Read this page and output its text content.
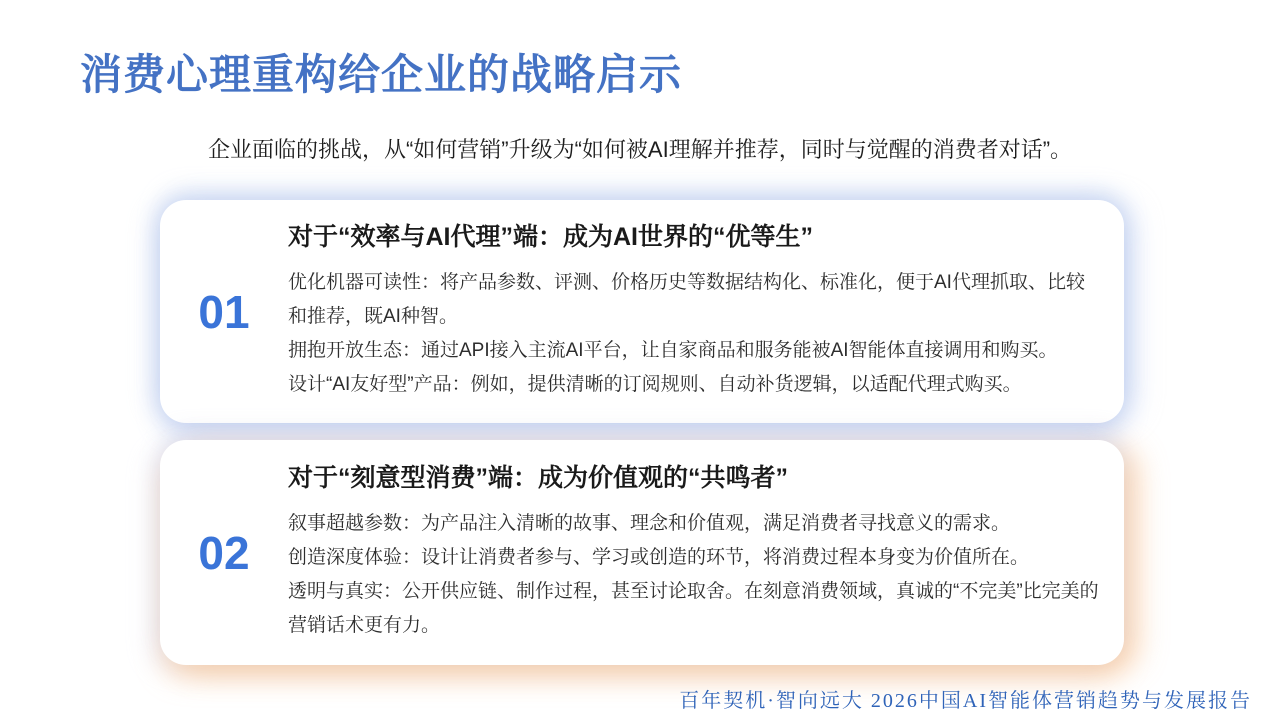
消费心理重构给企业的战略启示

企业面临的挑战，从“如何营销”升级为“如何被AI理解并推荐，同时与觉醒的消费者对话”。

01
对于“效率与AI代理”端：成为AI世界的“优等生”

优化机器可读性：将产品参数、评测、价格历史等数据结构化、标准化，便于AI代理抓取、比较和推荐，既AI种智。

拥抱开放生态：通过API接入主流AI平台，让自家商品和服务能被AI智能体直接调用和购买。

设计“AI友好型”产品：例如，提供清晰的订阅规则、自动补货逻辑，以适配代理式购买。

02
对于“刻意型消费”端：成为价值观的“共鸣者”

叙事超越参数：为产品注入清晰的故事、理念和价值观，满足消费者寻找意义的需求。

创造深度体验：设计让消费者参与、学习或创造的环节，将消费过程本身变为价值所在。

透明与真实：公开供应链、制作过程，甚至讨论取舍。在刻意消费领域，真诚的“不完美”比完美的营销话术更有力。

百年契机·智向远大 2026中国AI智能体营销趋势与发展报告
